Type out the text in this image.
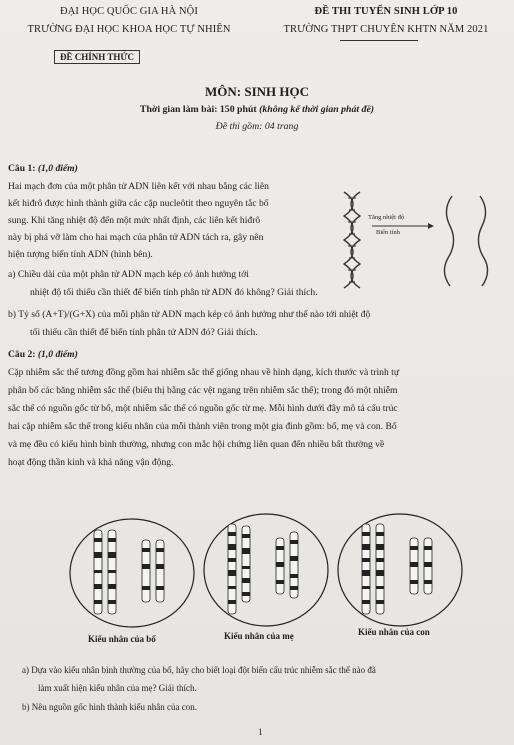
ĐẠI HỌC QUỐC GIA HÀ NỘI
TRƯỜNG ĐẠI HỌC KHOA HỌC TỰ NHIÊN
ĐỀ THI TUYỂN SINH LỚP 10
TRƯỜNG THPT CHUYÊN KHTN NĂM 2021
ĐỀ CHÍNH THỨC
MÔN: SINH HỌC
Thời gian làm bài: 150 phút (không kể thời gian phát đề)
Đề thi gồm: 04 trang
Câu 1: (1,0 điểm)
Hai mạch đơn của một phân tử ADN liên kết với nhau bằng các liên
kết hiđrô được hình thành giữa các cặp nucleôtit theo nguyên tắc bổ
sung. Khi tăng nhiệt độ đến một mức nhất định, các liên kết hiđrô
này bị phá vỡ làm cho hai mạch của phân tử ADN tách ra, gây nên
hiện tượng biến tính ADN (hình bên).
Tăng nhiệt độ
Biến tính
a) Chiều dài của một phân tử ADN mạch kép có ảnh hưởng tới
nhiệt độ tối thiểu cần thiết để biến tính phân tử ADN đó không? Giải thích.
b) Tỷ số (A+T)/(G+X) của mỗi phân tử ADN mạch kép có ảnh hưởng như thế nào tới nhiệt độ
tối thiểu cần thiết để biến tính phân tử ADN đó? Giải thích.
Câu 2: (1,0 điểm)
Cặp nhiễm sắc thể tương đồng gồm hai nhiễm sắc thể giống nhau về hình dạng, kích thước và trình tự
phân bố các băng nhiễm sắc thể (biểu thị bằng các vệt ngang trên nhiễm sắc thể); trong đó một nhiễm
sắc thể có nguồn gốc từ bố, một nhiễm sắc thể có nguồn gốc từ mẹ. Mỗi hình dưới đây mô tả cấu trúc
hai cặp nhiễm sắc thể trong kiểu nhân của mỗi thành viên trong một gia đình gồm: bố, mẹ và con. Bố
và mẹ đều có kiểu hình bình thường, nhưng con mắc hội chứng liên quan đến nhiều bất thường về
hoạt động thần kinh và khả năng vận động.
Kiểu nhân của bố	Kiểu nhân của mẹ	Kiểu nhân của con
a) Dựa vào kiểu nhân bình thường của bố, hãy cho biết loại đột biến cấu trúc nhiễm sắc thể nào đã
làm xuất hiện kiểu nhân của mẹ? Giải thích.
b) Nêu nguồn gốc hình thành kiểu nhân của con.
1
